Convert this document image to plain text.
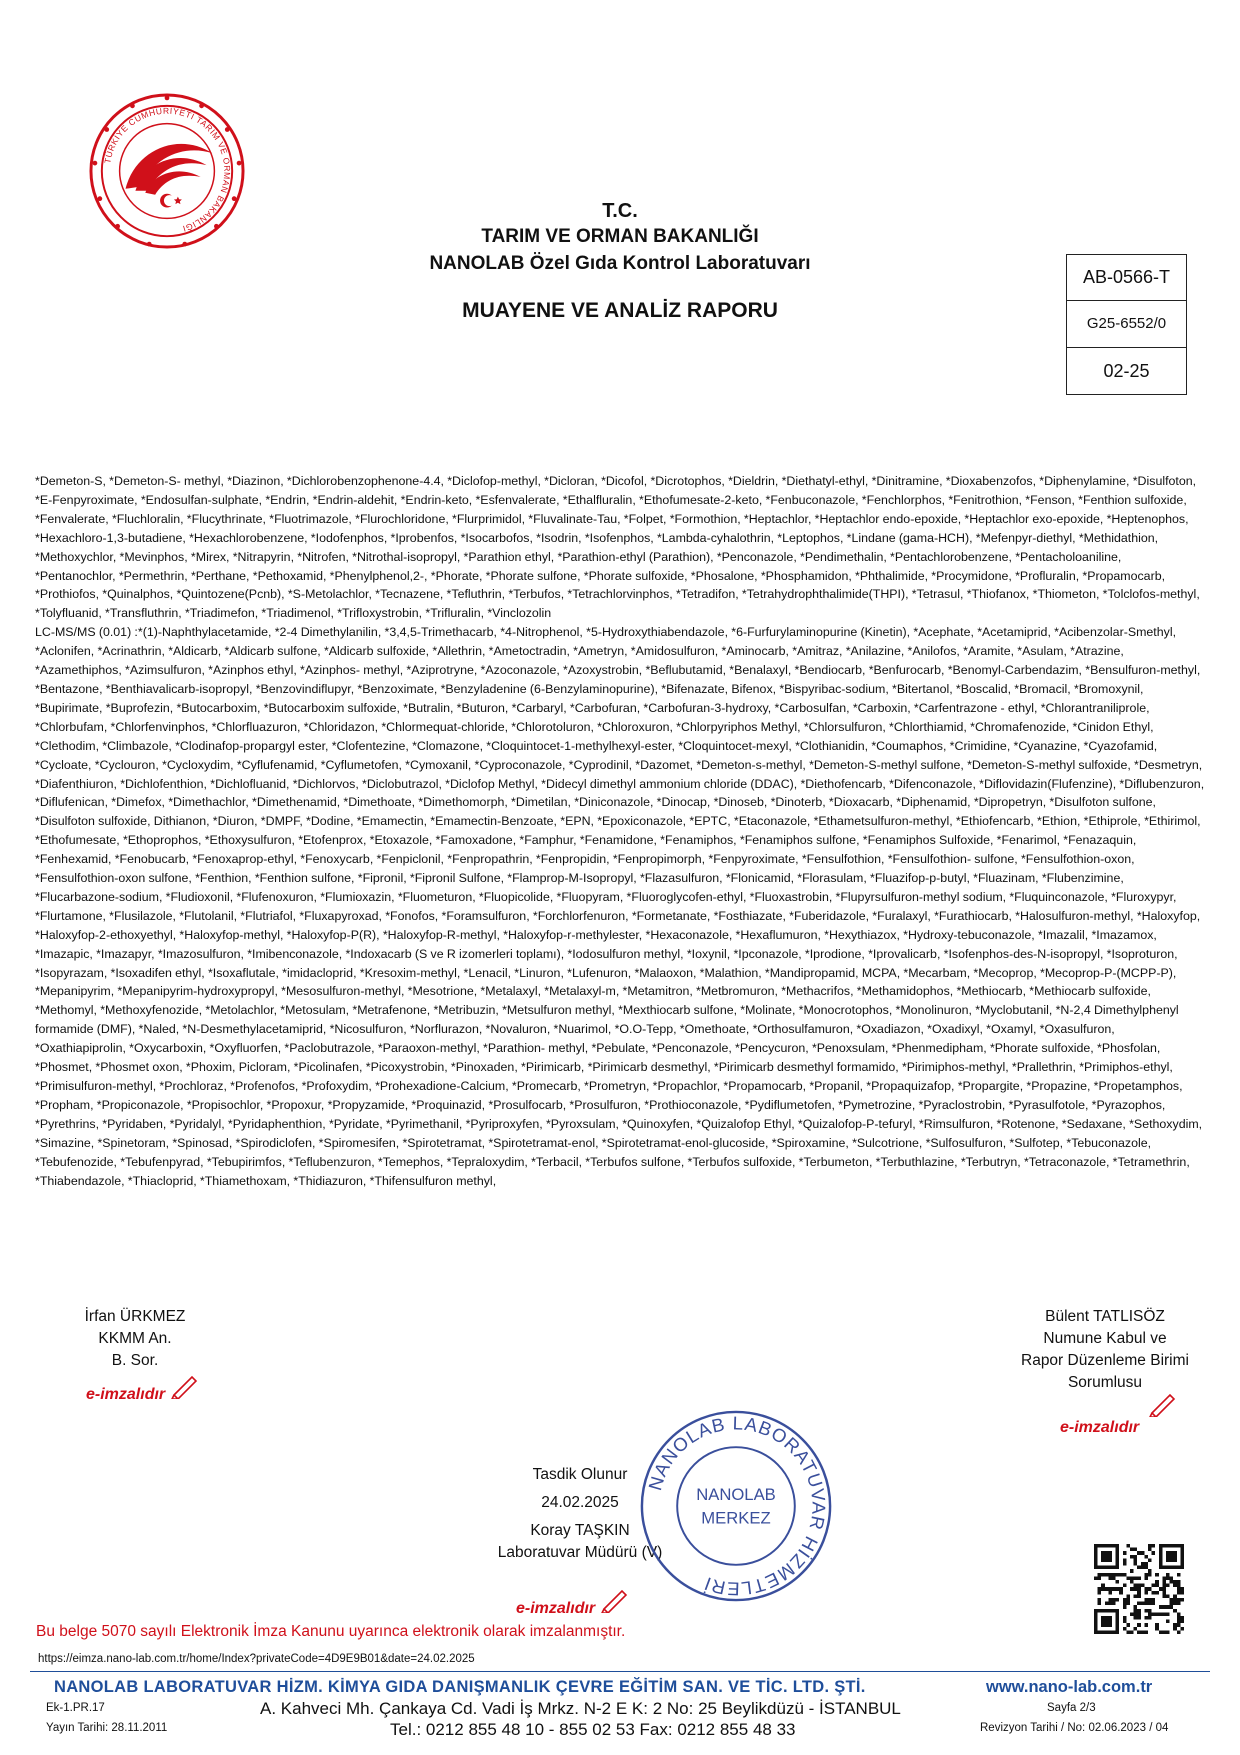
TÜRKİYE CUMHURİYETİ TARIM VE ORMAN BAKANLIĞI
T.C.
TARIM VE ORMAN BAKANLIĞI
NANOLAB Özel Gıda Kontrol Laboratuvarı
MUAYENE VE ANALİZ RAPORU
AB-0566-T
G25-6552/0
02-25

*Demeton-S, *Demeton-S- methyl, *Diazinon, *Dichlorobenzophenone-4.4, *Diclofop-methyl, *Dicloran, *Dicofol, *Dicrotophos, *Dieldrin, *Diethatyl-ethyl, *Dinitramine, *Dioxabenzofos, *Diphenylamine, *Disulfoton, *E-Fenpyroximate, *Endosulfan-sulphate, *Endrin, *Endrin-aldehit, *Endrin-keto, *Esfenvalerate, *Ethalfluralin, *Ethofumesate-2-keto, *Fenbuconazole, *Fenchlorphos, *Fenitrothion, *Fenson, *Fenthion sulfoxide, *Fenvalerate, *Fluchloralin, *Flucythrinate, *Fluotrimazole, *Flurochloridone, *Flurprimidol, *Fluvalinate-Tau, *Folpet, *Formothion, *Heptachlor, *Heptachlor endo-epoxide, *Heptachlor exo-epoxide, *Heptenophos, *Hexachloro-1,3-butadiene, *Hexachlorobenzene, *Iodofenphos, *Iprobenfos, *Isocarbofos, *Isodrin, *Isofenphos, *Lambda-cyhalothrin, *Leptophos, *Lindane (gama-HCH), *Mefenpyr-diethyl, *Methidathion, *Methoxychlor, *Mevinphos, *Mirex, *Nitrapyrin, *Nitrofen, *Nitrothal-isopropyl, *Parathion ethyl, *Parathion-ethyl (Parathion), *Penconazole, *Pendimethalin, *Pentachlorobenzene, *Pentacholoaniline, *Pentanochlor, *Permethrin, *Perthane, *Pethoxamid, *Phenylphenol,2-, *Phorate, *Phorate sulfone, *Phorate sulfoxide, *Phosalone, *Phosphamidon, *Phthalimide, *Procymidone, *Profluralin, *Propamocarb, *Prothiofos, *Quinalphos, *Quintozene(Pcnb), *S-Metolachlor, *Tecnazene, *Tefluthrin, *Terbufos, *Tetrachlorvinphos, *Tetradifon, *Tetrahydrophthalimide(THPI), *Tetrasul, *Thiofanox, *Thiometon, *Tolclofos-methyl, *Tolyfluanid, *Transfluthrin, *Triadimefon, *Triadimenol, *Trifloxystrobin, *Trifluralin, *Vinclozolin

LC-MS/MS (0.01) :*(1)-Naphthylacetamide, *2-4 Dimethylanilin, *3,4,5-Trimethacarb, *4-Nitrophenol, *5-Hydroxythiabendazole, *6-Furfurylaminopurine (Kinetin), *Acephate, *Acetamiprid, *Acibenzolar-Smethyl, *Aclonifen, *Acrinathrin, *Aldicarb, *Aldicarb sulfone, *Aldicarb sulfoxide, *Allethrin, *Ametoctradin, *Ametryn, *Amidosulfuron, *Aminocarb, *Amitraz, *Anilazine, *Anilofos, *Aramite, *Asulam, *Atrazine, *Azamethiphos, *Azimsulfuron, *Azinphos ethyl, *Azinphos- methyl, *Aziprotryne, *Azoconazole, *Azoxystrobin, *Beflubutamid, *Benalaxyl, *Bendiocarb, *Benfurocarb, *Benomyl-Carbendazim, *Bensulfuron-methyl, *Bentazone, *Benthiavalicarb-isopropyl, *Benzovindiflupyr, *Benzoximate, *Benzyladenine (6-Benzylaminopurine), *Bifenazate, Bifenox, *Bispyribac-sodium, *Bitertanol, *Boscalid, *Bromacil, *Bromoxynil, *Bupirimate, *Buprofezin, *Butocarboxim, *Butocarboxim sulfoxide, *Butralin, *Buturon, *Carbaryl, *Carbofuran, *Carbofuran-3-hydroxy, *Carbosulfan, *Carboxin, *Carfentrazone - ethyl, *Chlorantraniliprole, *Chlorbufam, *Chlorfenvinphos, *Chlorfluazuron, *Chloridazon, *Chlormequat-chloride, *Chlorotoluron, *Chloroxuron, *Chlorpyriphos Methyl, *Chlorsulfuron, *Chlorthiamid, *Chromafenozide, *Cinidon Ethyl, *Clethodim, *Climbazole, *Clodinafop-propargyl ester, *Clofentezine, *Clomazone, *Cloquintocet-1-methylhexyl-ester, *Cloquintocet-mexyl, *Clothianidin, *Coumaphos, *Crimidine, *Cyanazine, *Cyazofamid, *Cycloate, *Cyclouron, *Cycloxydim, *Cyflufenamid, *Cyflumetofen, *Cymoxanil, *Cyproconazole, *Cyprodinil, *Dazomet, *Demeton-s-methyl, *Demeton-S-methyl sulfone, *Demeton-S-methyl sulfoxide, *Desmetryn, *Diafenthiuron, *Dichlofenthion, *Dichlofluanid, *Dichlorvos, *Diclobutrazol, *Diclofop Methyl, *Didecyl dimethyl ammonium chloride (DDAC), *Diethofencarb, *Difenconazole, *Diflovidazin(Flufenzine), *Diflubenzuron, *Diflufenican, *Dimefox, *Dimethachlor, *Dimethenamid, *Dimethoate, *Dimethomorph, *Dimetilan, *Diniconazole, *Dinocap, *Dinoseb, *Dinoterb, *Dioxacarb, *Diphenamid, *Dipropetryn, *Disulfoton sulfone, *Disulfoton sulfoxide, Dithianon, *Diuron, *DMPF, *Dodine, *Emamectin, *Emamectin-Benzoate, *EPN, *Epoxiconazole, *EPTC, *Etaconazole, *Ethametsulfuron-methyl, *Ethiofencarb, *Ethion, *Ethiprole, *Ethirimol, *Ethofumesate, *Ethoprophos, *Ethoxysulfuron, *Etofenprox, *Etoxazole, *Famoxadone, *Famphur, *Fenamidone, *Fenamiphos, *Fenamiphos sulfone, *Fenamiphos Sulfoxide, *Fenarimol, *Fenazaquin, *Fenhexamid, *Fenobucarb, *Fenoxaprop-ethyl, *Fenoxycarb, *Fenpiclonil, *Fenpropathrin, *Fenpropidin, *Fenpropimorph, *Fenpyroximate, *Fensulfothion, *Fensulfothion- sulfone, *Fensulfothion-oxon, *Fensulfothion-oxon sulfone, *Fenthion, *Fenthion sulfone, *Fipronil, *Fipronil Sulfone, *Flamprop-M-Isopropyl, *Flazasulfuron, *Flonicamid, *Florasulam, *Fluazifop-p-butyl, *Fluazinam, *Flubenzimine, *Flucarbazone-sodium, *Fludioxonil, *Flufenoxuron, *Flumioxazin, *Fluometuron, *Fluopicolide, *Fluopyram, *Fluoroglycofen-ethyl, *Fluoxastrobin, *Flupyrsulfuron-methyl sodium, *Fluquinconazole, *Fluroxypyr, *Flurtamone, *Flusilazole, *Flutolanil, *Flutriafol, *Fluxapyroxad, *Fonofos, *Foramsulfuron, *Forchlorfenuron, *Formetanate, *Fosthiazate, *Fuberidazole, *Furalaxyl, *Furathiocarb, *Halosulfuron-methyl, *Haloxyfop, *Haloxyfop-2-ethoxyethyl, *Haloxyfop-methyl, *Haloxyfop-P(R), *Haloxyfop-R-methyl, *Haloxyfop-r-methylester, *Hexaconazole, *Hexaflumuron, *Hexythiazox, *Hydroxy-tebuconazole, *Imazalil, *Imazamox, *Imazapic, *Imazapyr, *Imazosulfuron, *Imibenconazole, *Indoxacarb (S ve R izomerleri toplamı), *Iodosulfuron methyl, *Ioxynil, *Ipconazole, *Iprodione, *Iprovalicarb, *Isofenphos-des-N-isopropyl, *Isoproturon, *Isopyrazam, *Isoxadifen ethyl, *Isoxaflutale, *imidacloprid, *Kresoxim-methyl, *Lenacil, *Linuron, *Lufenuron, *Malaoxon, *Malathion, *Mandipropamid, MCPA, *Mecarbam, *Mecoprop, *Mecoprop-P-(MCPP-P), *Mepanipyrim, *Mepanipyrim-hydroxypropyl, *Mesosulfuron-methyl, *Mesotrione, *Metalaxyl, *Metalaxyl-m, *Metamitron, *Metbromuron, *Methacrifos, *Methamidophos, *Methiocarb, *Methiocarb sulfoxide, *Methomyl, *Methoxyfenozide, *Metolachlor, *Metosulam, *Metrafenone, *Metribuzin, *Metsulfuron methyl, *Mexthiocarb sulfone, *Molinate, *Monocrotophos, *Monolinuron, *Myclobutanil, *N-2,4 Dimethylphenyl formamide (DMF), *Naled, *N-Desmethylacetamiprid, *Nicosulfuron, *Norflurazon, *Novaluron, *Nuarimol, *O.O-Tepp, *Omethoate, *Orthosulfamuron, *Oxadiazon, *Oxadixyl, *Oxamyl, *Oxasulfuron, *Oxathiapiprolin, *Oxycarboxin, *Oxyfluorfen, *Paclobutrazole, *Paraoxon-methyl, *Parathion- methyl, *Pebulate, *Penconazole, *Pencycuron, *Penoxsulam, *Phenmedipham, *Phorate sulfoxide, *Phosfolan, *Phosmet, *Phosmet oxon, *Phoxim, Picloram, *Picolinafen, *Picoxystrobin, *Pinoxaden, *Pirimicarb, *Pirimicarb desmethyl, *Pirimicarb desmethyl formamido, *Pirimiphos-methyl, *Prallethrin, *Primiphos-ethyl, *Primisulfuron-methyl, *Prochloraz, *Profenofos, *Profoxydim, *Prohexadione-Calcium, *Promecarb, *Prometryn, *Propachlor, *Propamocarb, *Propanil, *Propaquizafop, *Propargite, *Propazine, *Propetamphos, *Propham, *Propiconazole, *Propisochlor, *Propoxur, *Propyzamide, *Proquinazid, *Prosulfocarb, *Prosulfuron, *Prothioconazole, *Pydiflumetofen, *Pymetrozine, *Pyraclostrobin, *Pyrasulfotole, *Pyrazophos, *Pyrethrins, *Pyridaben, *Pyridalyl, *Pyridaphenthion, *Pyridate, *Pyrimethanil, *Pyriproxyfen, *Pyroxsulam, *Quinoxyfen, *Quizalofop Ethyl, *Quizalofop-P-tefuryl, *Rimsulfuron, *Rotenone, *Sedaxane, *Sethoxydim, *Simazine, *Spinetoram, *Spinosad, *Spirodiclofen, *Spiromesifen, *Spirotetramat, *Spirotetramat-enol, *Spirotetramat-enol-glucoside, *Spiroxamine, *Sulcotrione, *Sulfosulfuron, *Sulfotep, *Tebuconazole, *Tebufenozide, *Tebufenpyrad, *Tebupirimfos, *Teflubenzuron, *Temephos, *Tepraloxydim, *Terbacil, *Terbufos sulfone, *Terbufos sulfoxide, *Terbumeton, *Terbuthlazine, *Terbutryn, *Tetraconazole, *Tetramethrin, *Thiabendazole, *Thiacloprid, *Thiamethoxam, *Thidiazuron, *Thifensulfuron methyl,

İrfan ÜRKMEZ
KKMM An.
B. Sor.
e-imzalıdır
Bülent TATLISÖZ
Numune Kabul ve
Rapor Düzenleme Birimi
Sorumlusu
e-imzalıdır
Tasdik Olunur
24.02.2025
Koray TAŞKIN
Laboratuvar Müdürü (V)
e-imzalıdır
NANOLAB LABORATUVAR HİZMETLERİ
NANOLAB
MERKEZ
Bu belge 5070 sayılı Elektronik İmza Kanunu uyarınca elektronik olarak imzalanmıştır.
https://eimza.nano-lab.com.tr/home/Index?privateCode=4D9E9B01&date=24.02.2025
NANOLAB LABORATUVAR HİZM. KİMYA GIDA DANIŞMANLIK ÇEVRE EĞİTİM SAN. VE TİC. LTD. ŞTİ.	www.nano-lab.com.tr
Ek-1.PR.17
Yayın Tarihi: 28.11.2011
A. Kahveci Mh. Çankaya Cd. Vadi İş Mrkz. N-2 E K: 2 No: 25 Beylikdüzü - İSTANBUL
Tel.: 0212 855 48 10 - 855 02 53 Fax: 0212 855 48 33
Sayfa 2/3
Revizyon Tarihi / No: 02.06.2023 / 04
